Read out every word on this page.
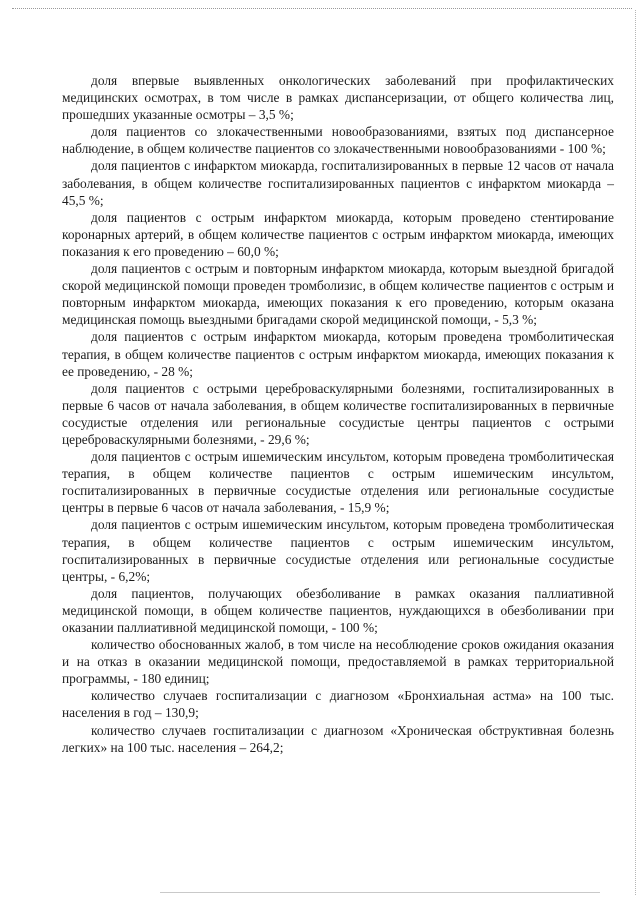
доля впервые выявленных онкологических заболеваний при профилактических медицинских осмотрах, в том числе в рамках диспансеризации, от общего количества лиц, прошедших указанные осмотры – 3,5 %;

доля пациентов со злокачественными новообразованиями, взятых под диспансерное наблюдение, в общем количестве пациентов со злокачественными новообразованиями - 100 %;

доля пациентов с инфарктом миокарда, госпитализированных в первые 12 часов от начала заболевания, в общем количестве госпитализированных пациентов с инфарктом миокарда – 45,5 %;

доля пациентов с острым инфарктом миокарда, которым проведено стентирование коронарных артерий, в общем количестве пациентов с острым инфарктом миокарда, имеющих показания к его проведению – 60,0 %;

доля пациентов с острым и повторным инфарктом миокарда, которым выездной бригадой скорой медицинской помощи проведен тромболизис, в общем количестве пациентов с острым и повторным инфарктом миокарда, имеющих показания к его проведению, которым оказана медицинская помощь выездными бригадами скорой медицинской помощи, - 5,3 %;

доля пациентов с острым инфарктом миокарда, которым проведена тромболитическая терапия, в общем количестве пациентов с острым инфарктом миокарда, имеющих показания к ее проведению, - 28 %;

доля пациентов с острыми цереброваскулярными болезнями, госпитализированных в первые 6 часов от начала заболевания, в общем количестве госпитализированных в первичные сосудистые отделения или региональные сосудистые центры пациентов с острыми цереброваскулярными болезнями, - 29,6 %;

доля пациентов с острым ишемическим инсультом, которым проведена тромболитическая терапия, в общем количестве пациентов с острым ишемическим инсультом, госпитализированных в первичные сосудистые отделения или региональные сосудистые центры в первые 6 часов от начала заболевания, - 15,9 %;

доля пациентов с острым ишемическим инсультом, которым проведена тромболитическая терапия, в общем количестве пациентов с острым ишемическим инсультом, госпитализированных в первичные сосудистые отделения или региональные сосудистые центры, - 6,2%;

доля пациентов, получающих обезболивание в рамках оказания паллиативной медицинской помощи, в общем количестве пациентов, нуждающихся в обезболивании при оказании паллиативной медицинской помощи, - 100 %;

количество обоснованных жалоб, в том числе на несоблюдение сроков ожидания оказания и на отказ в оказании медицинской помощи, предоставляемой в рамках территориальной программы, - 180 единиц;

количество случаев госпитализации с диагнозом «Бронхиальная астма» на 100 тыс. населения в год – 130,9;

количество случаев госпитализации с диагнозом «Хроническая обструктивная болезнь легких» на 100 тыс. населения – 264,2;
